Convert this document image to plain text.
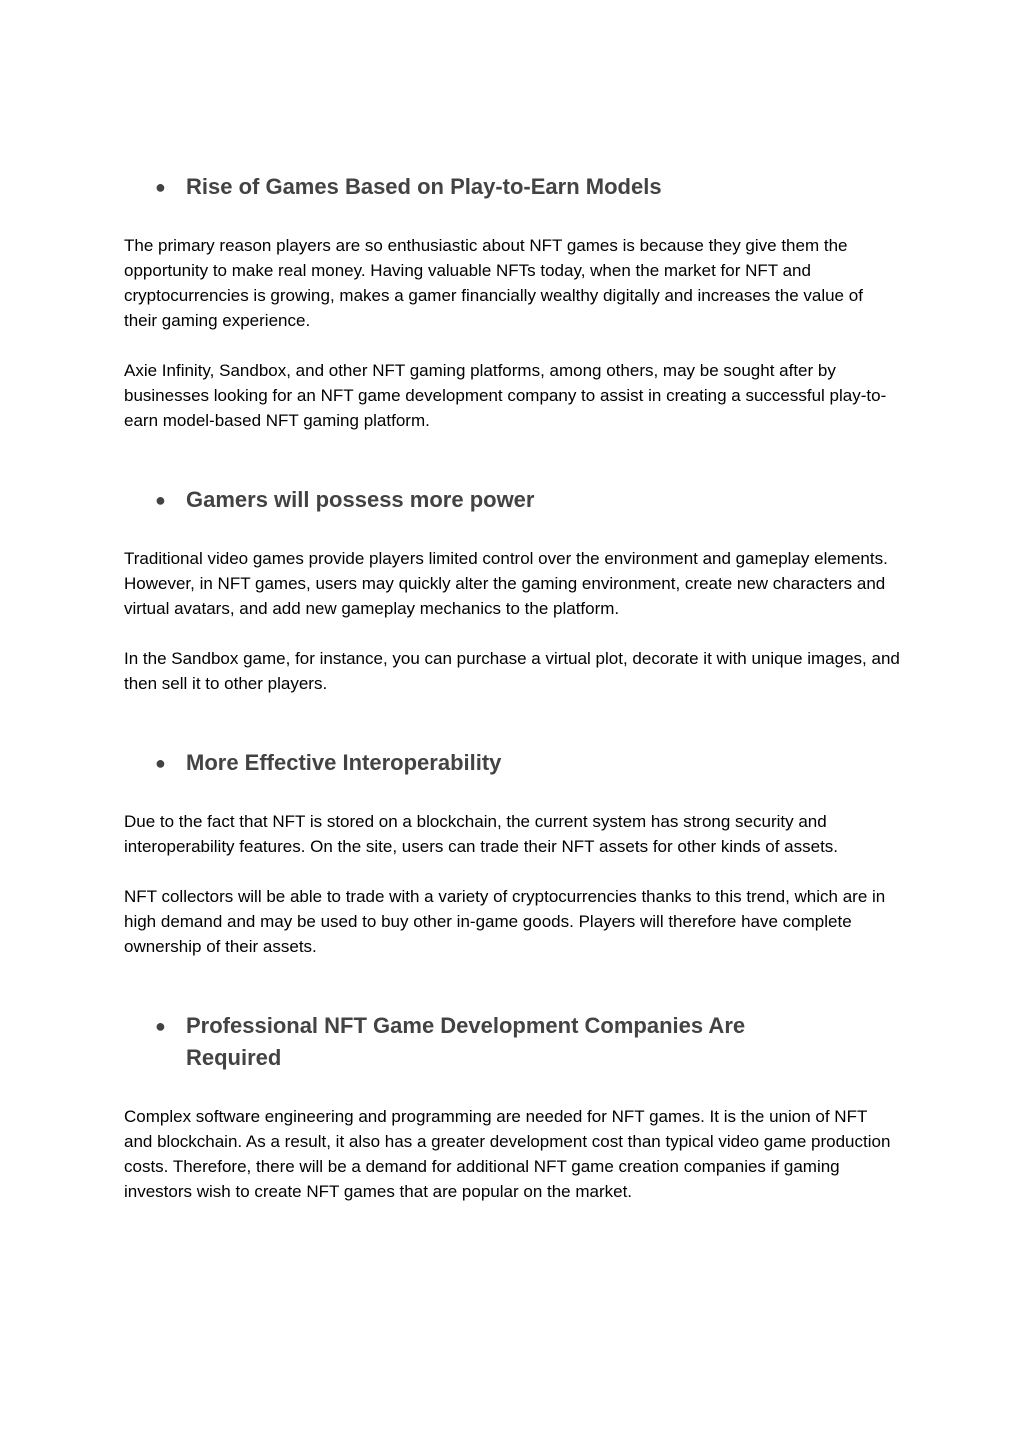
● Rise of Games Based on Play-to-Earn Models

The primary reason players are so enthusiastic about NFT games is because they give them the opportunity to make real money. Having valuable NFTs today, when the market for NFT and cryptocurrencies is growing, makes a gamer financially wealthy digitally and increases the value of their gaming experience.

Axie Infinity, Sandbox, and other NFT gaming platforms, among others, may be sought after by businesses looking for an NFT game development company to assist in creating a successful play-to-earn model-based NFT gaming platform.

● Gamers will possess more power

Traditional video games provide players limited control over the environment and gameplay elements. However, in NFT games, users may quickly alter the gaming environment, create new characters and virtual avatars, and add new gameplay mechanics to the platform.

In the Sandbox game, for instance, you can purchase a virtual plot, decorate it with unique images, and then sell it to other players.

● More Effective Interoperability

Due to the fact that NFT is stored on a blockchain, the current system has strong security and interoperability features. On the site, users can trade their NFT assets for other kinds of assets.

NFT collectors will be able to trade with a variety of cryptocurrencies thanks to this trend, which are in high demand and may be used to buy other in-game goods. Players will therefore have complete ownership of their assets.

● Professional NFT Game Development Companies Are Required

Complex software engineering and programming are needed for NFT games. It is the union of NFT and blockchain. As a result, it also has a greater development cost than typical video game production costs. Therefore, there will be a demand for additional NFT game creation companies if gaming investors wish to create NFT games that are popular on the market.
